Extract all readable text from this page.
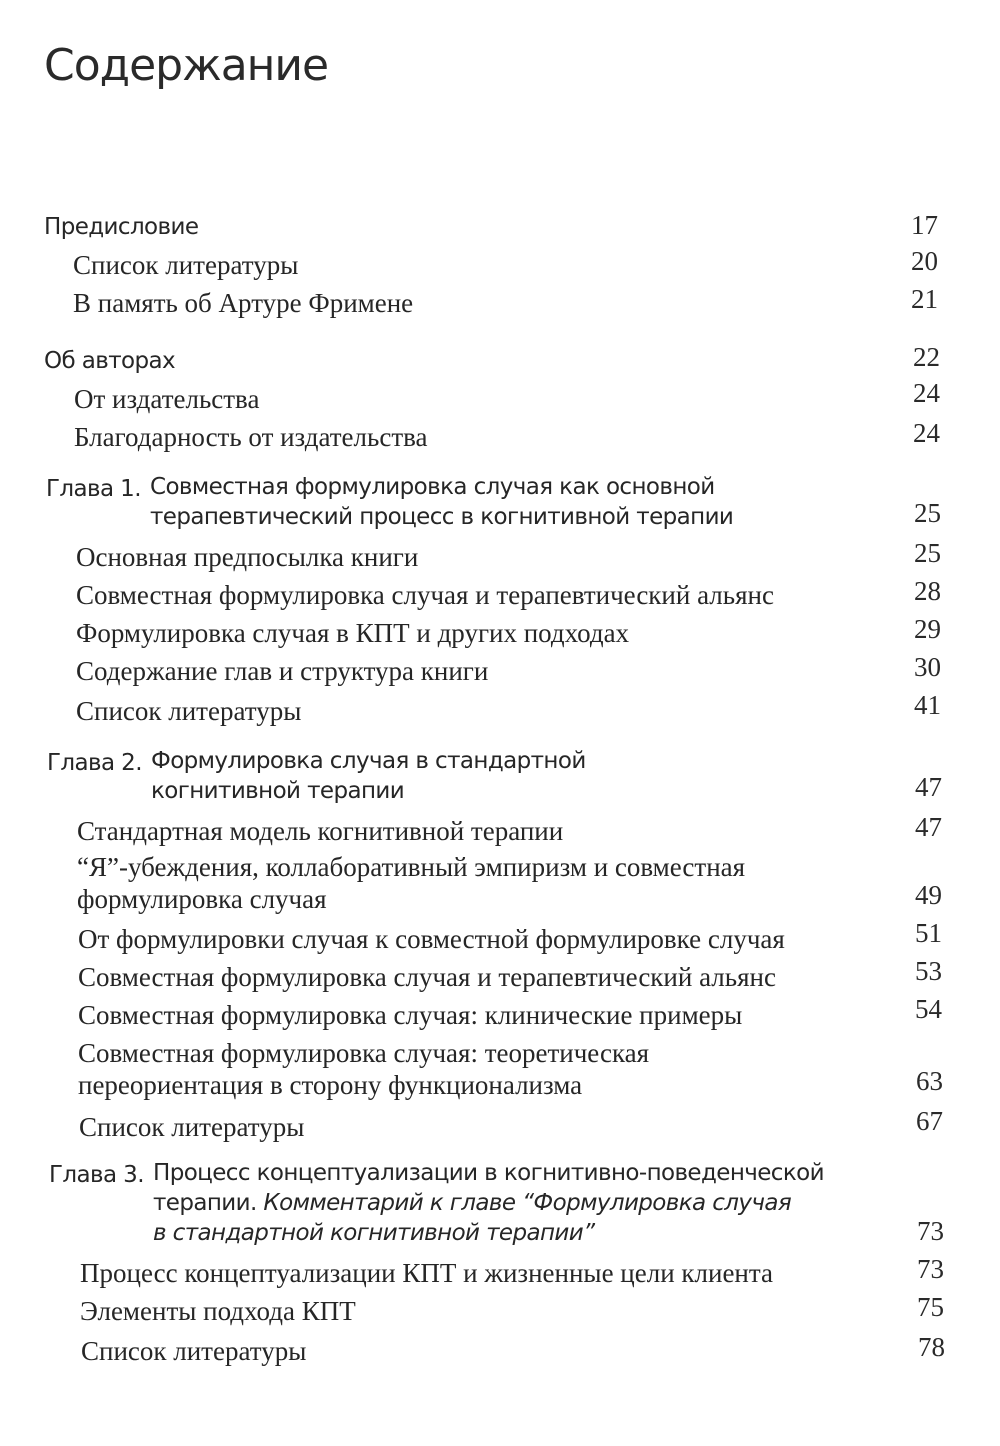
Содержание
Предисловие	17
Список литературы	20
В память об Артуре Фримене	21
Об авторах	22
От издательства	24
Благодарность от издательства	24
Глава 1. Совместная формулировка случая как основной
терапевтический процесс в когнитивной терапии	25
Основная предпосылка книги	25
Совместная формулировка случая и терапевтический альянс	28
Формулировка случая в КПТ и других подходах	29
Содержание глав и структура книги	30
Список литературы	41
Глава 2. Формулировка случая в стандартной
когнитивной терапии	47
Стандартная модель когнитивной терапии	47
“Я”-убеждения, коллаборативный эмпиризм и совместная
формулировка случая	49
От формулировки случая к совместной формулировке случая	51
Совместная формулировка случая и терапевтический альянс	53
Совместная формулировка случая: клинические примеры	54
Совместная формулировка случая: теоретическая
переориентация в сторону функционализма	63
Список литературы	67
Глава 3. Процесс концептуализации в когнитивно-поведенческой
терапии. Комментарий к главе “Формулировка случая
в стандартной когнитивной терапии”	73
Процесс концептуализации КПТ и жизненные цели клиента	73
Элементы подхода КПТ	75
Список литературы	78
